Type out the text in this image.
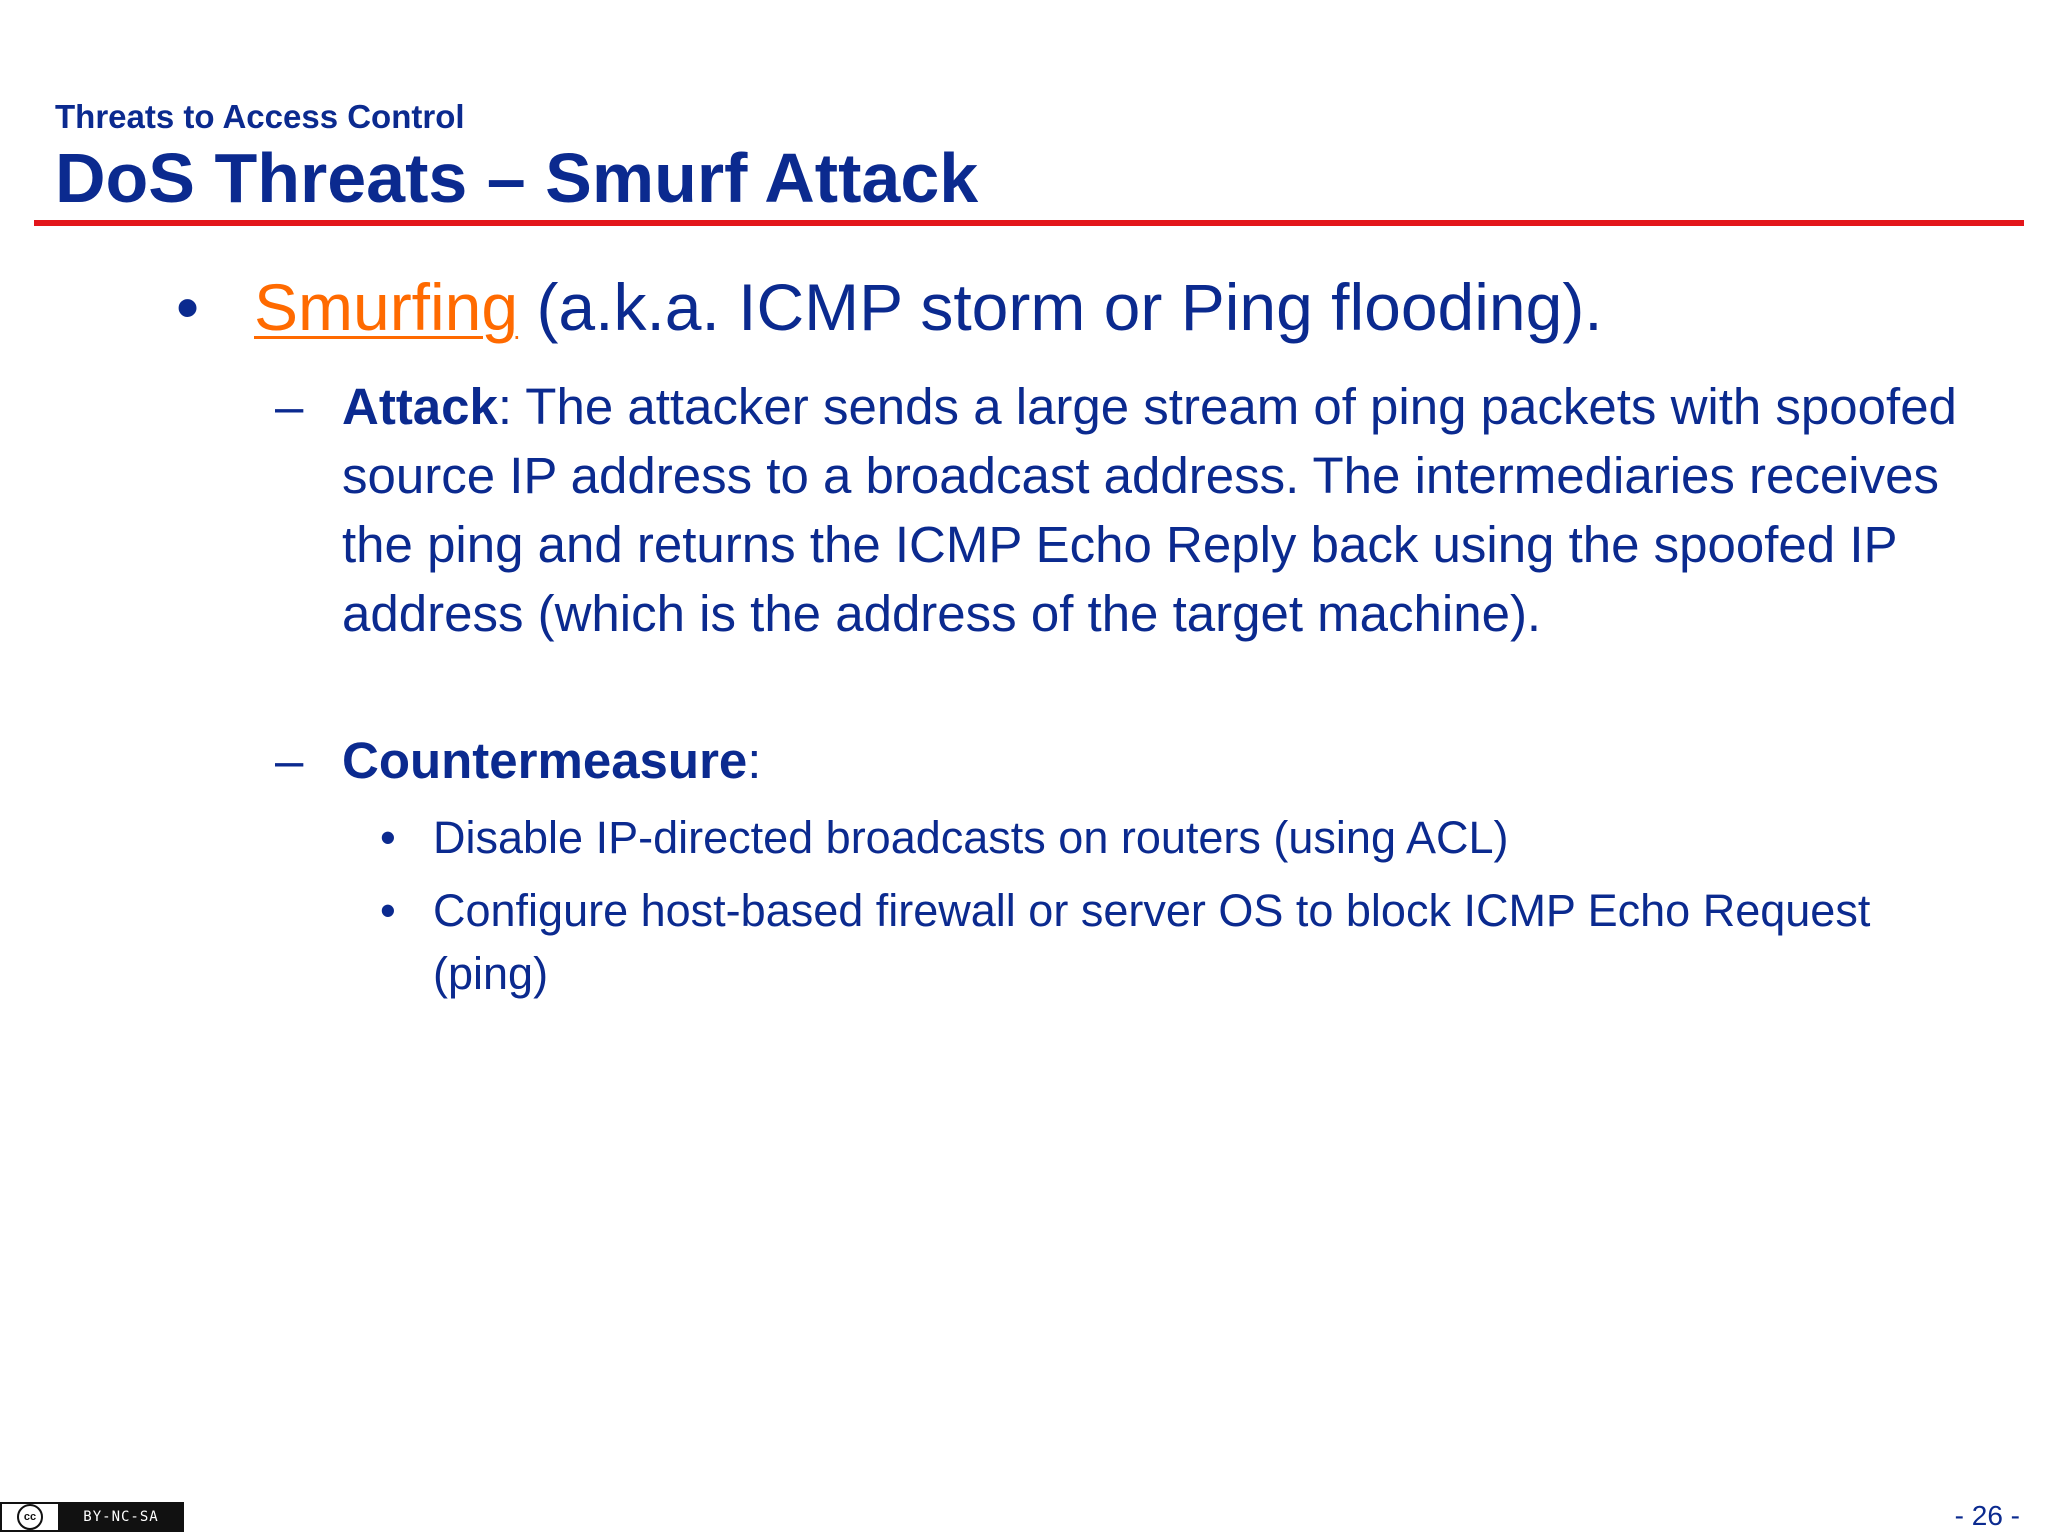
Threats to Access Control
DoS Threats – Smurf Attack
• Smurfing (a.k.a. ICMP storm or Ping flooding).
– Attack: The attacker sends a large stream of ping packets with spoofed source IP address to a broadcast address. The intermediaries receives the ping and returns the ICMP Echo Reply back using the spoofed IP address (which is the address of the target machine).
– Countermeasure:
• Disable IP-directed broadcasts on routers (using ACL)
• Configure host-based firewall or server OS to block ICMP Echo Request (ping)
cc	BY-NC-SA	- 26 -
